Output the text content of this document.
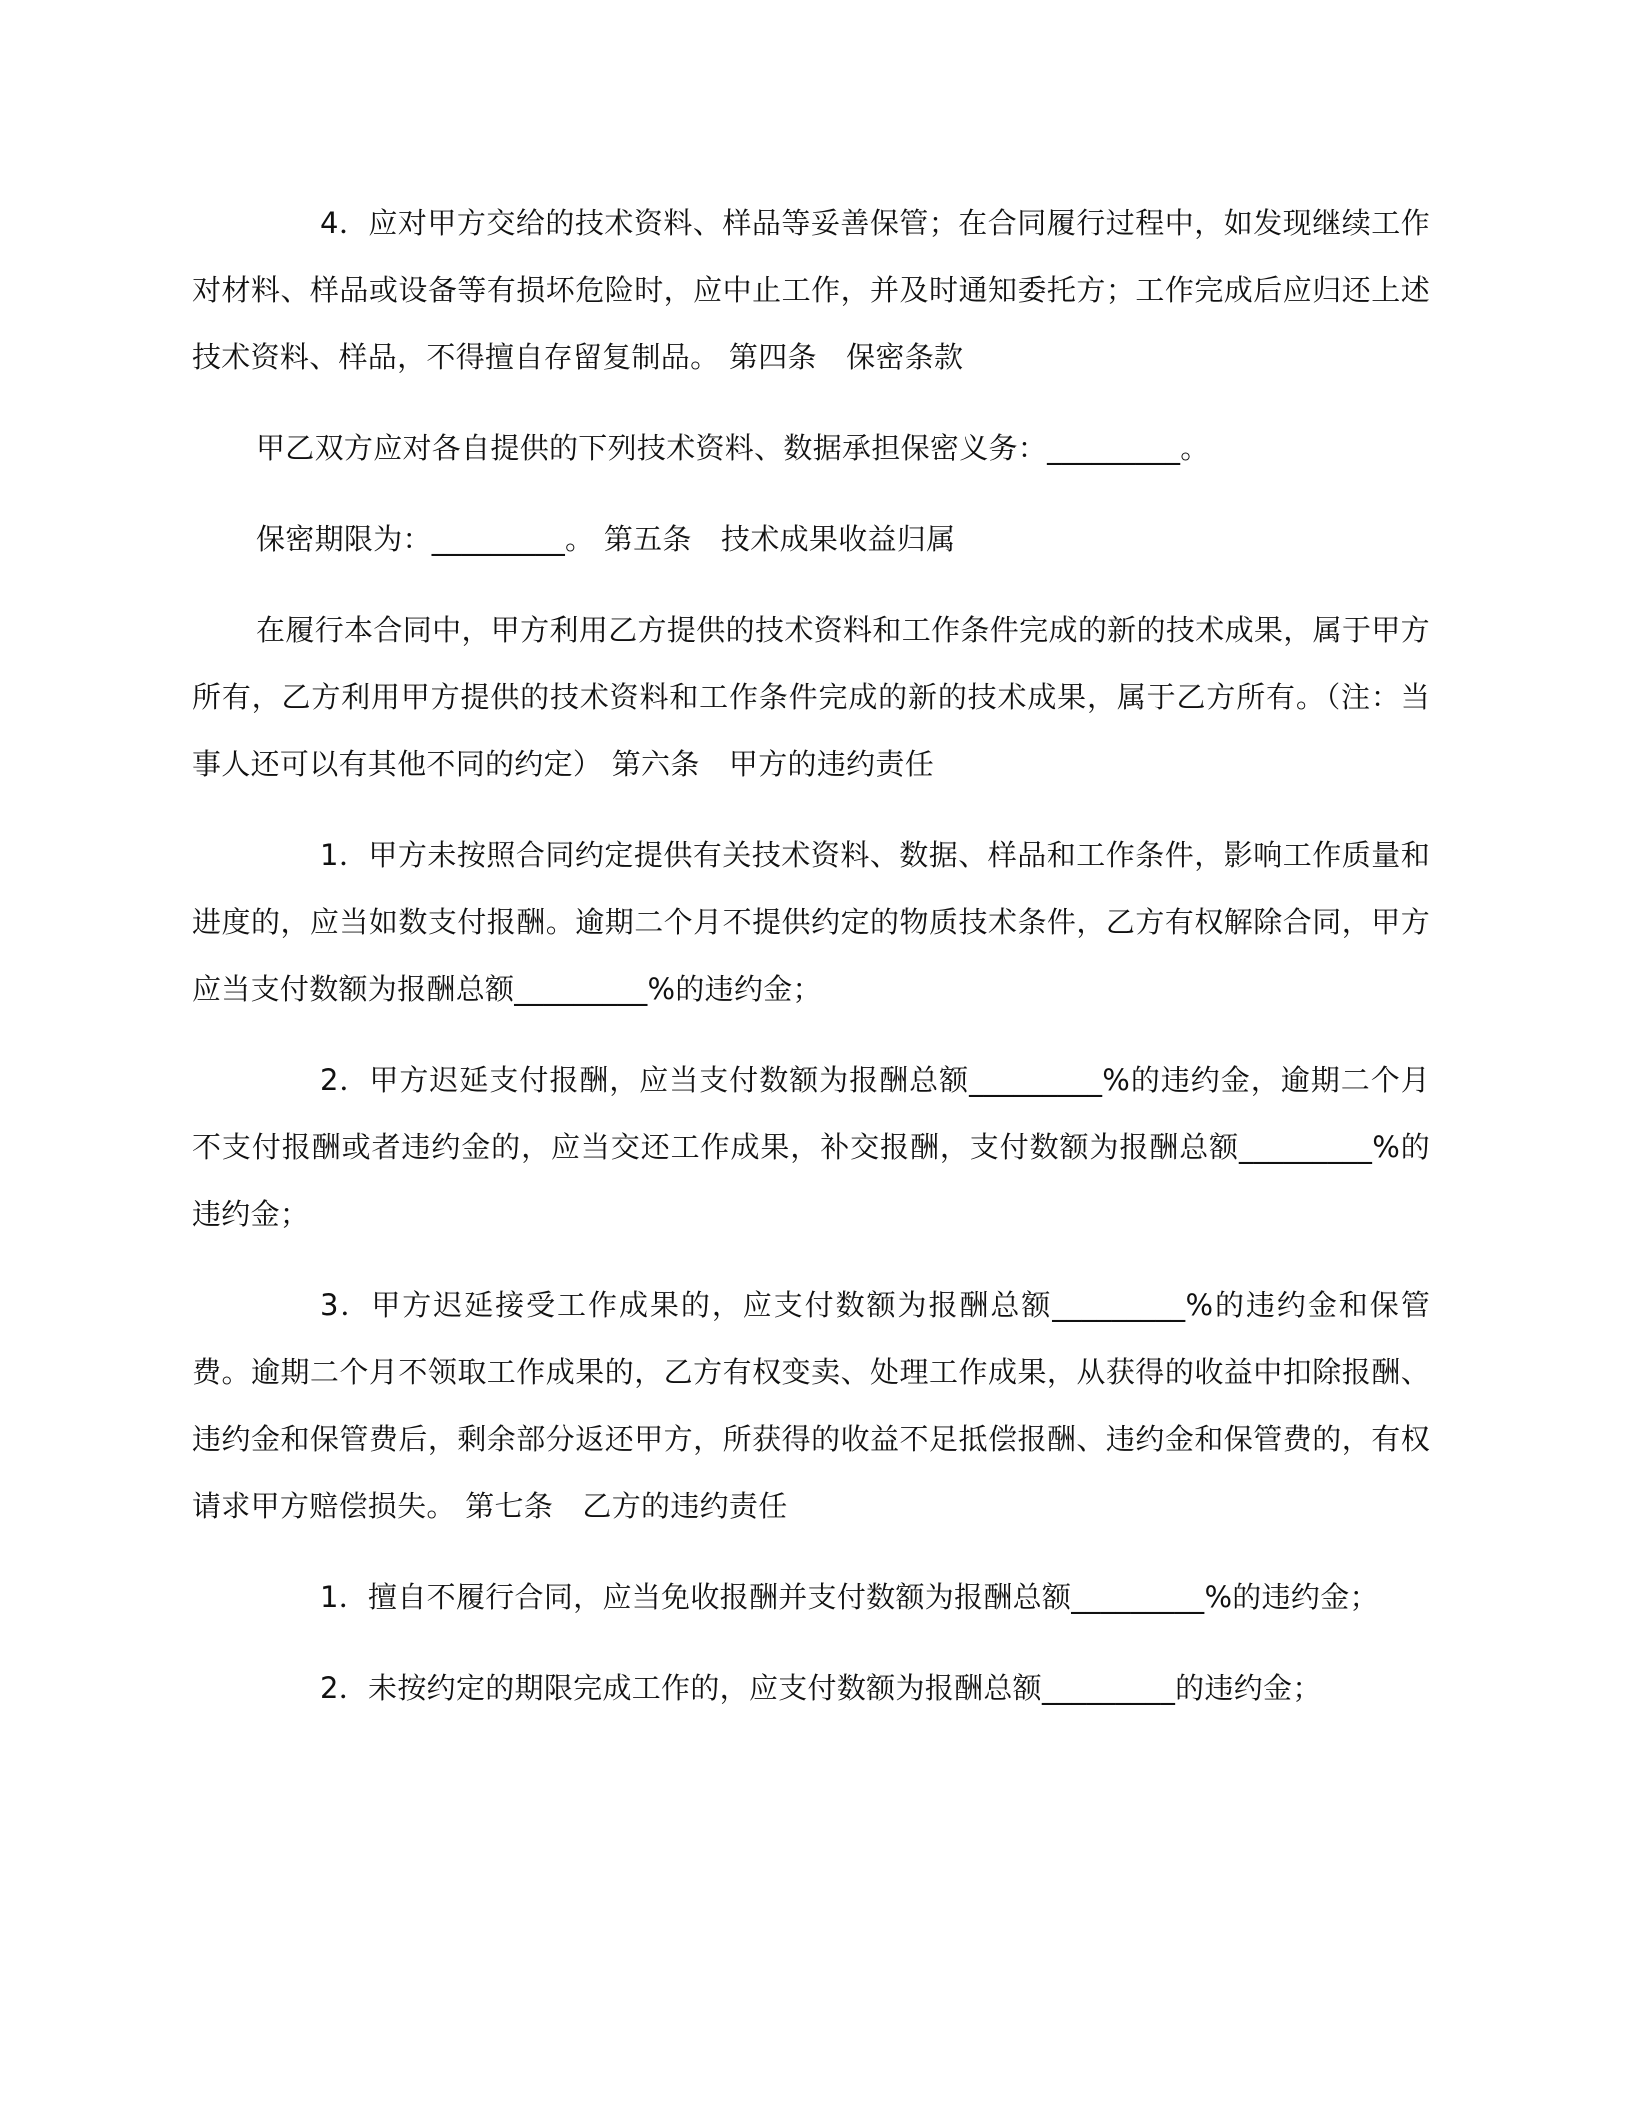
4．应对甲方交给的技术资料、样品等妥善保管；在合同履行过程中，如发现继续工作对材料、样品或设备等有损坏危险时，应中止工作，并及时通知委托方；工作完成后应归还上述技术资料、样品，不得擅自存留复制品。 第四条　保密条款

甲乙双方应对各自提供的下列技术资料、数据承担保密义务：_________。

保密期限为：_________。 第五条　技术成果收益归属

在履行本合同中，甲方利用乙方提供的技术资料和工作条件完成的新的技术成果，属于甲方所有，乙方利用甲方提供的技术资料和工作条件完成的新的技术成果，属于乙方所有。（注：当事人还可以有其他不同的约定） 第六条　甲方的违约责任

1．甲方未按照合同约定提供有关技术资料、数据、样品和工作条件，影响工作质量和进度的，应当如数支付报酬。逾期二个月不提供约定的物质技术条件，乙方有权解除合同，甲方应当支付数额为报酬总额_________%的违约金；

2．甲方迟延支付报酬，应当支付数额为报酬总额_________%的违约金，逾期二个月不支付报酬或者违约金的，应当交还工作成果，补交报酬，支付数额为报酬总额_________%的违约金；

3．甲方迟延接受工作成果的，应支付数额为报酬总额_________%的违约金和保管费。逾期二个月不领取工作成果的，乙方有权变卖、处理工作成果，从获得的收益中扣除报酬、违约金和保管费后，剩余部分返还甲方，所获得的收益不足抵偿报酬、违约金和保管费的，有权请求甲方赔偿损失。 第七条　乙方的违约责任

1．擅自不履行合同，应当免收报酬并支付数额为报酬总额_________%的违约金；

2．未按约定的期限完成工作的，应支付数额为报酬总额_________的违约金；
